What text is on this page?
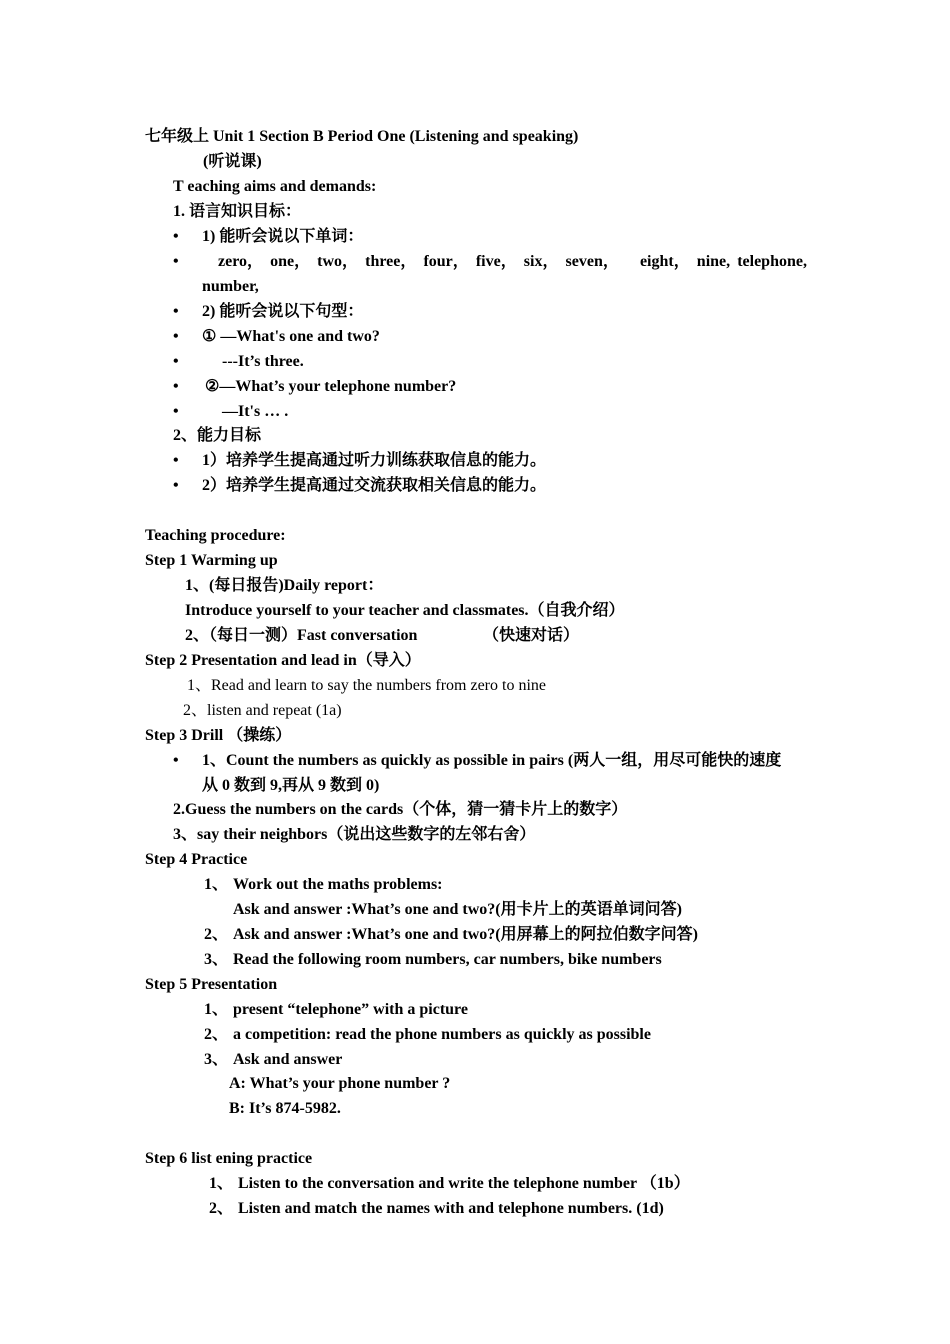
七年级上 Unit 1 Section B Period One (Listening and speaking)
(听说课)
T eaching aims and demands:
1. 语言知识目标：
• 1) 能听会说以下单词：
•	zero， one， two， three， four， five， six， seven，	eight， nine, telephone,
number,
• 2) 能听会说以下句型：
• ① —What's one and two?
•	---It’s three.
• ②—What’s your telephone number?
•	—It's … .
2、能力目标
• 1）培养学生提高通过听力训练获取信息的能力。
• 2）培养学生提高通过交流获取相关信息的能力。
Teaching procedure:
Step 1 Warming up
1、(每日报告)Daily report：
Introduce yourself to your teacher and classmates.（自我介绍）
2、（每日一测）Fast conversation	（快速对话）
Step 2 Presentation and lead in（导入）
1、Read and learn to say the numbers from zero to nine
2、listen and repeat (1a)
Step 3 Drill （操练）
• 1、Count the numbers as quickly as possible in pairs (两人一组，用尽可能快的速度
从 0 数到 9,再从 9 数到 0)
2.Guess the numbers on the cards（个体，猜一猜卡片上的数字）
3、say their neighbors（说出这些数字的左邻右舍）
Step 4 Practice
1、 Work out the maths problems:
Ask and answer :What’s one and two?(用卡片上的英语单词问答)
2、 Ask and answer :What’s one and two?(用屏幕上的阿拉伯数字问答)
3、 Read the following room numbers, car numbers, bike numbers
Step 5 Presentation
1、 present “telephone” with a picture
2、 a competition: read the phone numbers as quickly as possible
3、 Ask and answer
A: What’s your phone number ?
B: It’s 874-5982.
Step 6 list ening practice
1、 Listen to the conversation and write the telephone number （1b）
2、 Listen and match the names with and telephone numbers. (1d)
